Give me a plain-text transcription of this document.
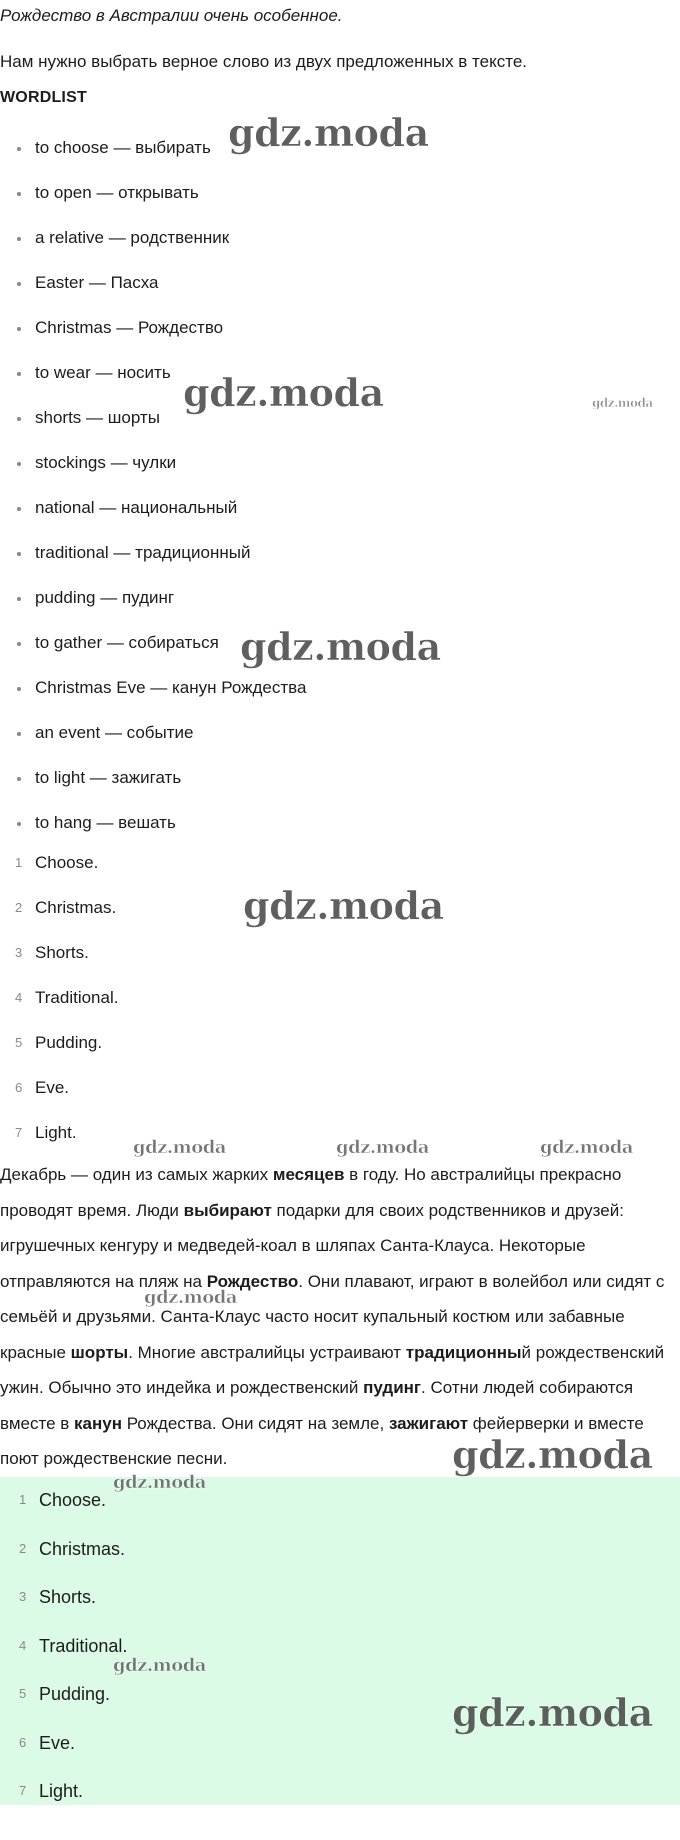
Рождество в Австралии очень особенное.

Нам нужно выбрать верное слово из двух предложенных в тексте.

WORDLIST

to choose — выбирать
to open — открывать
a relative — родственник
Easter — Пасха
Christmas — Рождество
to wear — носить
shorts — шорты
stockings — чулки
national — национальный
traditional — традиционный
pudding — пудинг
to gather — собираться
Christmas Eve — канун Рождества
an event — событие
to light — зажигать
to hang — вешать
1 Choose.
2 Christmas.
3 Shorts.
4 Traditional.
5 Pudding.
6 Eve.
7 Light.

Декабрь — один из самых жарких месяцев в году. Но австралийцы прекрасно проводят время. Люди выбирают подарки для своих родственников и друзей: игрушечных кенгуру и медведей-коал в шляпах Санта-Клауса. Некоторые отправляются на пляж на Рождество. Они плавают, играют в волейбол или сидят с семьёй и друзьями. Санта-Клаус часто носит купальный костюм или забавные красные шорты. Многие австралийцы устраивают традиционный рождественский ужин. Обычно это индейка и рождественский пудинг. Сотни людей собираются вместе в канун Рождества. Они сидят на земле, зажигают фейерверки и вместе поют рождественские песни.

1 Choose.
2 Christmas.
3 Shorts.
4 Traditional.
5 Pudding.
6 Eve.
7 Light.
gdz.moda
gdz.moda	gdz.moda
gdz.moda
gdz.moda
gdz.moda	gdz.moda	gdz.moda
gdz.moda
gdz.moda
gdz.moda
gdz.moda
gdz.moda
